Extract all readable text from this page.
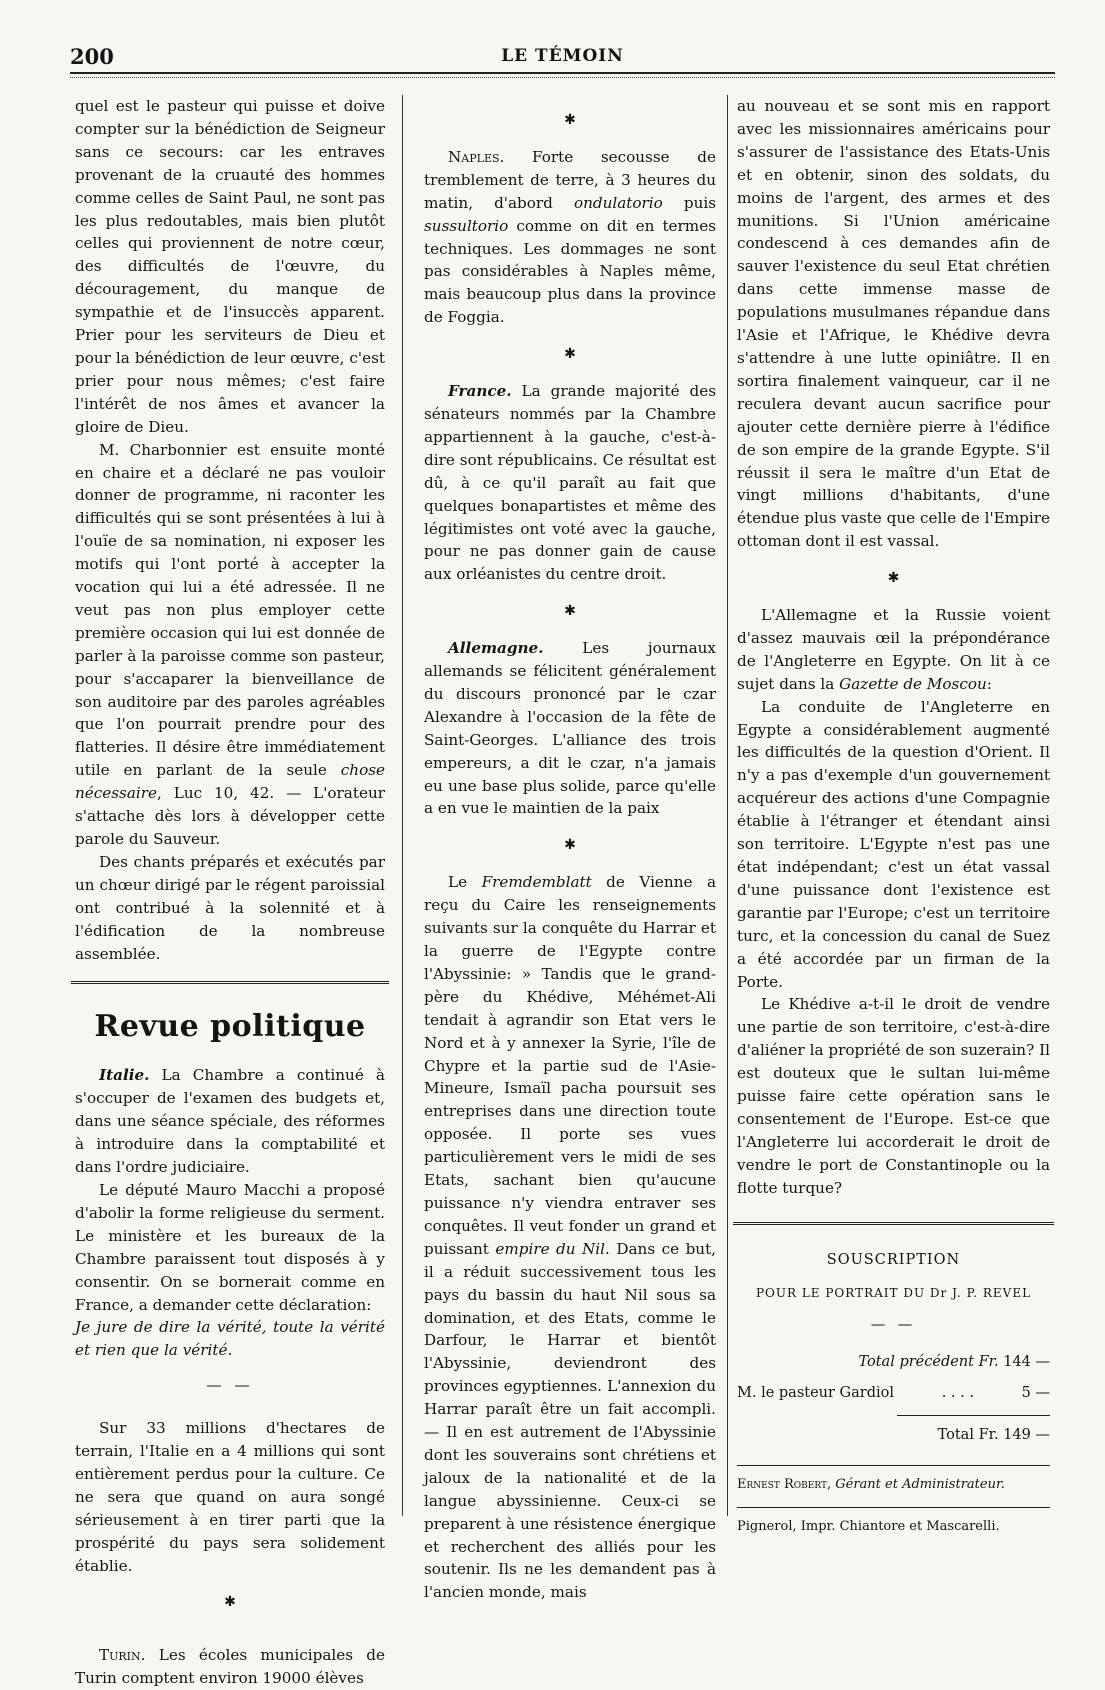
200	LE TÉMOIN

quel est le pasteur qui puisse et doive compter sur la bénédiction de Seigneur sans ce secours: car les entraves provenant de la cruauté des hommes comme celles de Saint Paul, ne sont pas les plus redoutables, mais bien plutôt celles qui proviennent de notre cœur, des difficultés de l'œuvre, du découragement, du manque de sympathie et de l'insuccès apparent. Prier pour les serviteurs de Dieu et pour la bénédiction de leur œuvre, c'est prier pour nous mêmes; c'est faire l'intérêt de nos âmes et avancer la gloire de Dieu.

M. Charbonnier est ensuite monté en chaire et a déclaré ne pas vouloir donner de programme, ni raconter les difficultés qui se sont présentées à lui à l'ouïe de sa nomination, ni exposer les motifs qui l'ont porté à accepter la vocation qui lui a été adressée. Il ne veut pas non plus employer cette première occasion qui lui est donnée de parler à la paroisse comme son pasteur, pour s'accaparer la bienveillance de son auditoire par des paroles agréables que l'on pourrait prendre pour des flatteries. Il désire être immédiatement utile en parlant de la seule chose nécessaire, Luc 10, 42. — L'orateur s'attache dès lors à développer cette parole du Sauveur.

Des chants préparés et exécutés par un chœur dirigé par le régent paroissial ont contribué à la solennité et à l'édification de la nombreuse assemblée.

Revue politique

Italie. La Chambre a continué à s'occuper de l'examen des budgets et, dans une séance spéciale, des réformes à introduire dans la comptabilité et dans l'ordre judiciaire.

Le député Mauro Macchi a proposé d'abolir la forme religieuse du serment. Le ministère et les bureaux de la Chambre paraissent tout disposés à y consentir. On se bornerait comme en France, a demander cette déclaration:

Je jure de dire la vérité, toute la vérité et rien que la vérité.

— —

Sur 33 millions d'hectares de terrain, l'Italie en a 4 millions qui sont entièrement perdus pour la culture. Ce ne sera que quand on aura songé sérieusement à en tirer parti que la prospérité du pays sera solidement établie.

✱

Turin. Les écoles municipales de Turin comptent environ 19000 élèves

✱

Naples. Forte secousse de tremblement de terre, à 3 heures du matin, d'abord ondulatorio puis sussultorio comme on dit en termes techniques. Les dommages ne sont pas considérables à Naples même, mais beaucoup plus dans la province de Foggia.

✱

France. La grande majorité des sénateurs nommés par la Chambre appartiennent à la gauche, c'est-à-dire sont républicains. Ce résultat est dû, à ce qu'il paraît au fait que quelques bonapartistes et même des légitimistes ont voté avec la gauche, pour ne pas donner gain de cause aux orléanistes du centre droit.

✱

Allemagne. Les journaux allemands se félicitent généralement du discours prononcé par le czar Alexandre à l'occasion de la fête de Saint-Georges. L'alliance des trois empereurs, a dit le czar, n'a jamais eu une base plus solide, parce qu'elle a en vue le maintien de la paix

✱

Le Fremdemblatt de Vienne a reçu du Caire les renseignements suivants sur la conquête du Harrar et la guerre de l'Egypte contre l'Abyssinie: » Tandis que le grand-père du Khédive, Méhémet-Ali tendait à agrandir son Etat vers le Nord et à y annexer la Syrie, l'île de Chypre et la partie sud de l'Asie-Mineure, Ismaïl pacha poursuit ses entreprises dans une direction toute opposée. Il porte ses vues particulièrement vers le midi de ses Etats, sachant bien qu'aucune puissance n'y viendra entraver ses conquêtes. Il veut fonder un grand et puissant empire du Nil. Dans ce but, il a réduit successivement tous les pays du bassin du haut Nil sous sa domination, et des Etats, comme le Darfour, le Harrar et bientôt l'Abyssinie, deviendront des provinces egyptiennes. L'annexion du Harrar paraît être un fait accompli. — Il en est autrement de l'Abyssinie dont les souverains sont chrétiens et jaloux de la nationalité et de la langue abyssinienne. Ceux-ci se preparent à une résistence énergique et recherchent des alliés pour les soutenir. Ils ne les demandent pas à l'ancien monde, mais

au nouveau et se sont mis en rapport avec les missionnaires américains pour s'assurer de l'assistance des Etats-Unis et en obtenir, sinon des soldats, du moins de l'argent, des armes et des munitions. Si l'Union américaine condescend à ces demandes afin de sauver l'existence du seul Etat chrétien dans cette immense masse de populations musulmanes répandue dans l'Asie et l'Afrique, le Khédive devra s'attendre à une lutte opiniâtre. Il en sortira finalement vainqueur, car il ne reculera devant aucun sacrifice pour ajouter cette dernière pierre à l'édifice de son empire de la grande Egypte. S'il réussit il sera le maître d'un Etat de vingt millions d'habitants, d'une étendue plus vaste que celle de l'Empire ottoman dont il est vassal.

✱

L'Allemagne et la Russie voient d'assez mauvais œil la prépondérance de l'Angleterre en Egypte. On lit à ce sujet dans la Gazette de Moscou:

La conduite de l'Angleterre en Egypte a considérablement augmenté les difficultés de la question d'Orient. Il n'y a pas d'exemple d'un gouvernement acquéreur des actions d'une Compagnie établie à l'étranger et étendant ainsi son territoire. L'Egypte n'est pas une état indépendant; c'est un état vassal d'une puissance dont l'existence est garantie par l'Europe; c'est un territoire turc, et la concession du canal de Suez a été accordée par un firman de la Porte.

Le Khédive a-t-il le droit de vendre une partie de son territoire, c'est-à-dire d'aliéner la propriété de son suzerain? Il est douteux que le sultan lui-même puisse faire cette opération sans le consentement de l'Europe. Est-ce que l'Angleterre lui accorderait le droit de vendre le port de Constantinople ou la flotte turque?

SOUSCRIPTION
POUR LE PORTRAIT DU Dr J. P. REVEL
— —
Total précédent Fr. 144 —
M. le pasteur Gardiol	. . . .	5 —
Total Fr. 149 —
Ernest Robert, Gérant et Administrateur.
Pignerol, Impr. Chiantore et Mascarelli.
